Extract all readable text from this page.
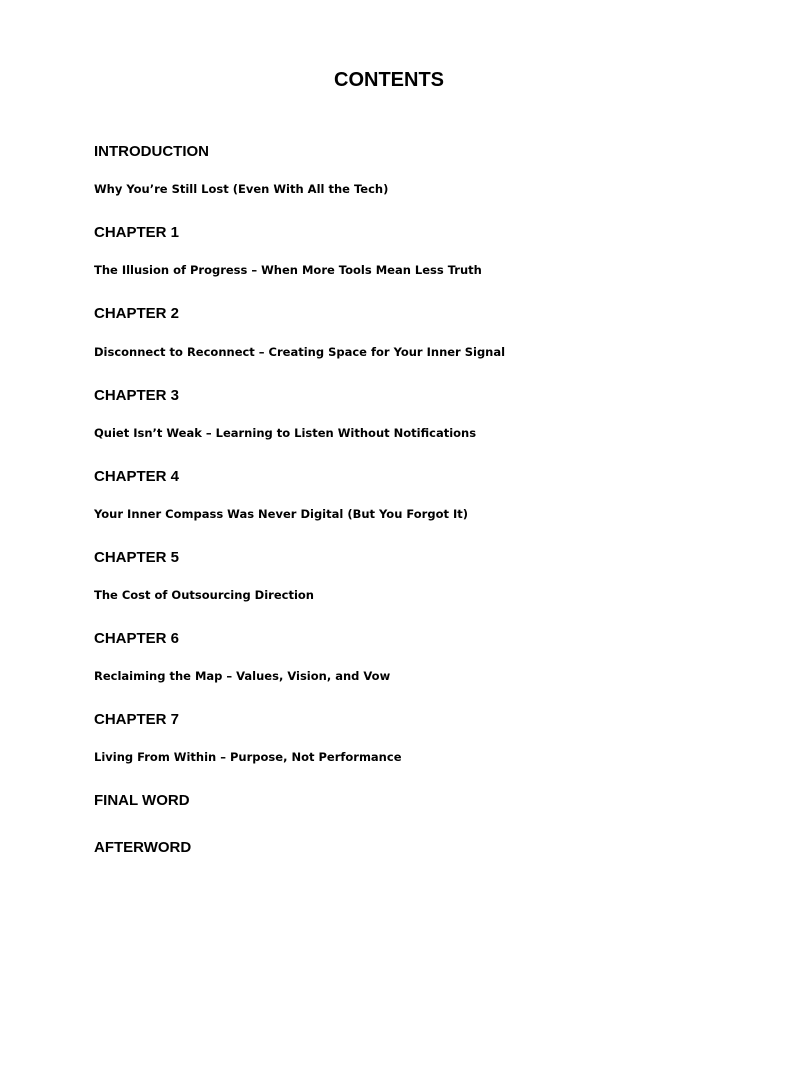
CONTENTS
INTRODUCTION
Why You’re Still Lost (Even With All the Tech)
CHAPTER 1
The Illusion of Progress – When More Tools Mean Less Truth
CHAPTER 2
Disconnect to Reconnect – Creating Space for Your Inner Signal
CHAPTER 3
Quiet Isn’t Weak – Learning to Listen Without Notifications
CHAPTER 4
Your Inner Compass Was Never Digital (But You Forgot It)
CHAPTER 5
The Cost of Outsourcing Direction
CHAPTER 6
Reclaiming the Map – Values, Vision, and Vow
CHAPTER 7
Living From Within – Purpose, Not Performance
FINAL WORD
AFTERWORD
